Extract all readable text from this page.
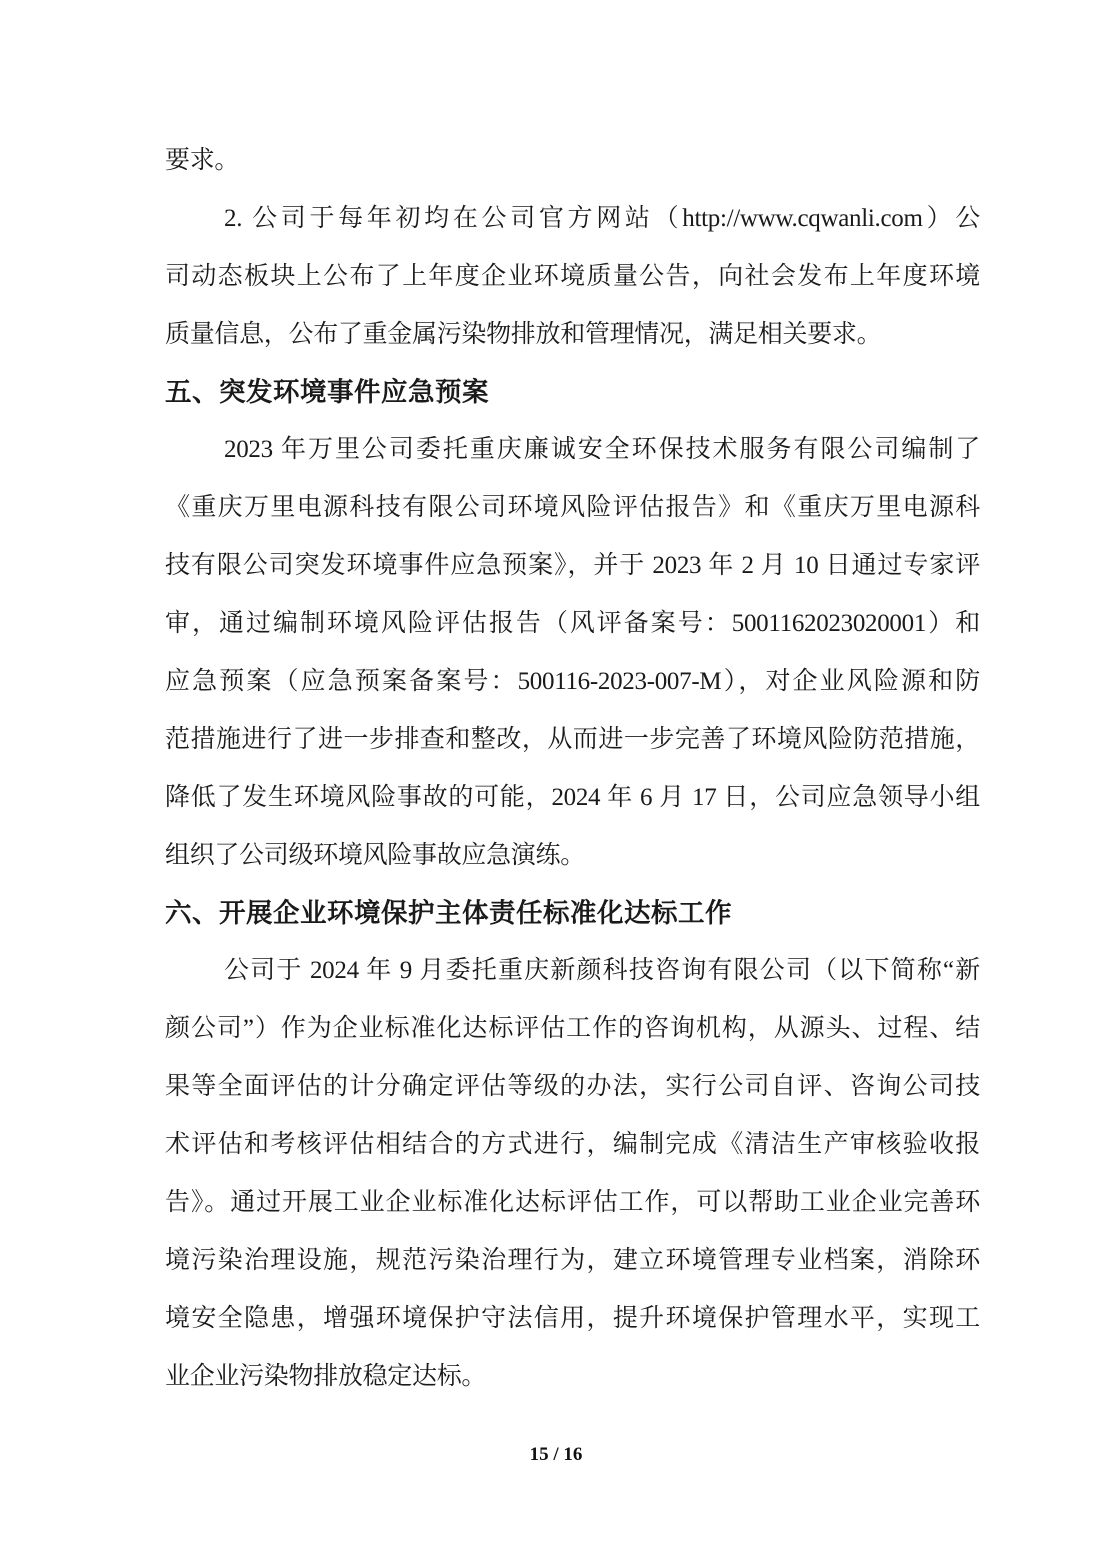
要求。
2. 公司于每年初均在公司官方网站（http://www.cqwanli.com）公
司动态板块上公布了上年度企业环境质量公告，向社会发布上年度环境
质量信息，公布了重金属污染物排放和管理情况，满足相关要求。
五、突发环境事件应急预案
2023 年万里公司委托重庆廉诚安全环保技术服务有限公司编制了
《重庆万里电源科技有限公司环境风险评估报告》和《重庆万里电源科
技有限公司突发环境事件应急预案》，并于 2023 年 2 月 10 日通过专家评
审，通过编制环境风险评估报告（风评备案号：5001162023020001）和
应急预案（应急预案备案号：500116-2023-007-M），对企业风险源和防
范措施进行了进一步排查和整改，从而进一步完善了环境风险防范措施，
降低了发生环境风险事故的可能，2024 年 6 月 17 日，公司应急领导小组
组织了公司级环境风险事故应急演练。
六、开展企业环境保护主体责任标准化达标工作
公司于 2024 年 9 月委托重庆新颜科技咨询有限公司（以下简称“新
颜公司”）作为企业标准化达标评估工作的咨询机构，从源头、过程、结
果等全面评估的计分确定评估等级的办法，实行公司自评、咨询公司技
术评估和考核评估相结合的方式进行，编制完成《清洁生产审核验收报
告》。通过开展工业企业标准化达标评估工作，可以帮助工业企业完善环
境污染治理设施，规范污染治理行为，建立环境管理专业档案，消除环
境安全隐患，增强环境保护守法信用，提升环境保护管理水平，实现工
业企业污染物排放稳定达标。
15 / 16
